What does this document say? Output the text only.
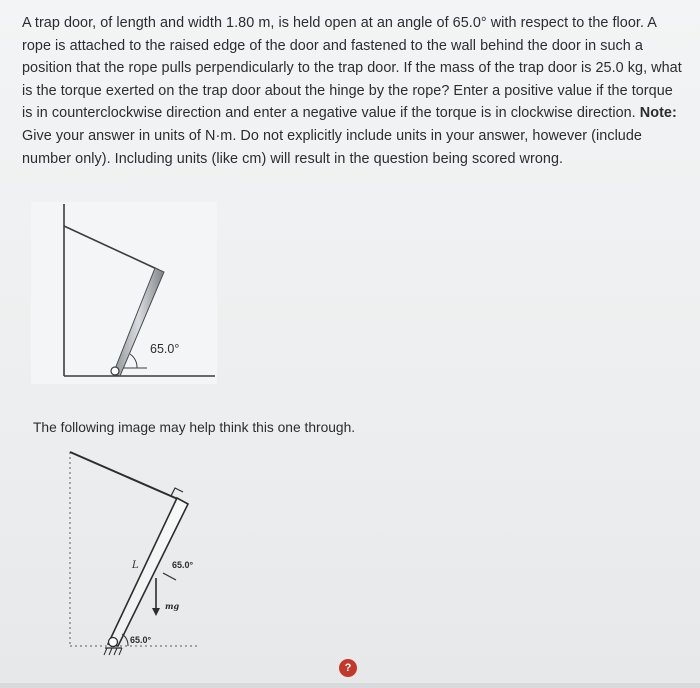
A trap door, of length and width 1.80 m, is held open at an angle of 65.0° with respect to the floor. A rope is attached to the raised edge of the door and fastened to the wall behind the door in such a position that the rope pulls perpendicularly to the trap door. If the mass of the trap door is 25.0 kg, what is the torque exerted on the trap door about the hinge by the rope? Enter a positive value if the torque is in counterclockwise direction and enter a negative value if the torque is in clockwise direction. Note: Give your answer in units of N·m. Do not explicitly include units in your answer, however (include number only). Including units (like cm) will result in the question being scored wrong.

65.0°
The following image may help think this one through.
L	65.0°
mg
65.0°
?
